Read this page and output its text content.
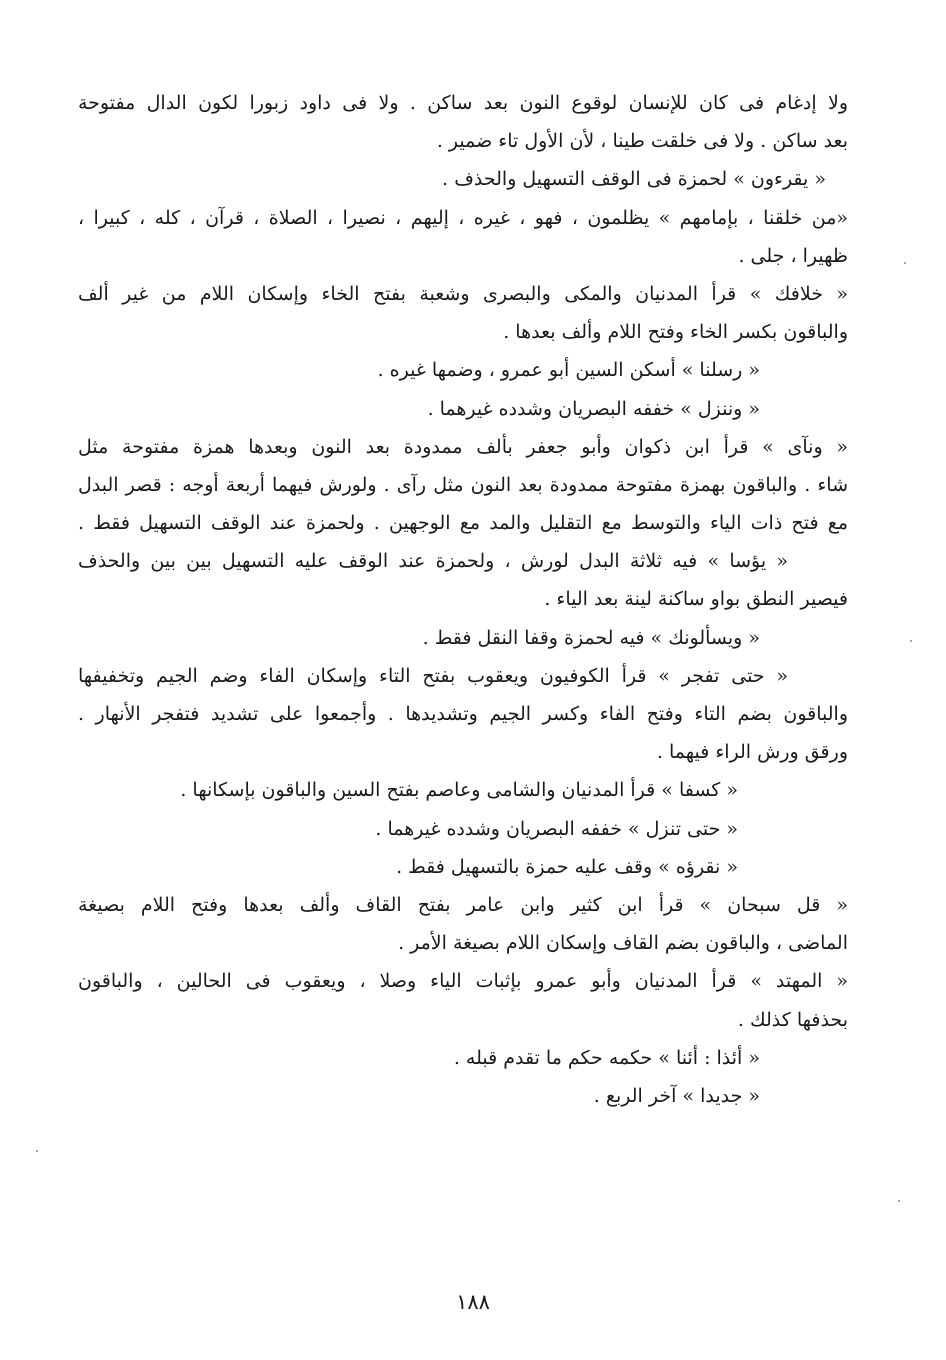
ولا إدغام فى كان للإنسان لوقوع النون بعد ساكن . ولا فى داود زبورا لكون الدال مفتوحة
بعد ساكن . ولا فى خلقت طينا ، لأن الأول تاء ضمير .
« يقرءون » لحمزة فى الوقف التسهيل والحذف .
«من خلقنا ، بإمامهم » يظلمون ، فهو ، غيره ، إليهم ، نصيرا ، الصلاة ، قرآن ، كله ، كبيرا ،
ظهيرا ، جلى .
« خلافك » قرأ المدنيان والمكى والبصرى وشعبة بفتح الخاء وإسكان اللام من غير ألف
والباقون بكسر الخاء وفتح اللام وألف بعدها .
« رسلنا » أسكن السين أبو عمرو ، وضمها غيره .
« وننزل » خففه البصريان وشدده غيرهما .
« ونآى » قرأ ابن ذكوان وأبو جعفر بألف ممدودة بعد النون وبعدها همزة مفتوحة مثل
شاء . والباقون بهمزة مفتوحة ممدودة بعد النون مثل رآى . ولورش فيهما أربعة أوجه : قصر البدل
مع فتح ذات الياء والتوسط مع التقليل والمد مع الوجهين . ولحمزة عند الوقف التسهيل فقط .
« يؤسا » فيه ثلاثة البدل لورش ، ولحمزة عند الوقف عليه التسهيل بين بين والحذف
فيصير النطق بواو ساكنة لينة بعد الياء .
« ويسألونك » فيه لحمزة وقفا النقل فقط .
« حتى تفجر » قرأ الكوفيون ويعقوب بفتح التاء وإسكان الفاء وضم الجيم وتخفيفها
والباقون بضم التاء وفتح الفاء وكسر الجيم وتشديدها . وأجمعوا على تشديد فتفجر الأنهار .
ورقق ورش الراء فيهما .
« كسفا » قرأ المدنيان والشامى وعاصم بفتح السين والباقون بإسكانها .
« حتى تنزل » خففه البصريان وشدده غيرهما .
« نقرؤه » وقف عليه حمزة بالتسهيل فقط .
« قل سبحان » قرأ ابن كثير وابن عامر بفتح القاف وألف بعدها وفتح اللام بصيغة
الماضى ، والباقون بضم القاف وإسكان اللام بصيغة الأمر .
« المهتد » قرأ المدنيان وأبو عمرو بإثبات الياء وصلا ، ويعقوب فى الحالين ، والباقون
بحذفها كذلك .
« أئذا : أئنا » حكمه حكم ما تقدم قبله .
« جديدا » آخر الربع .
١٨٨
